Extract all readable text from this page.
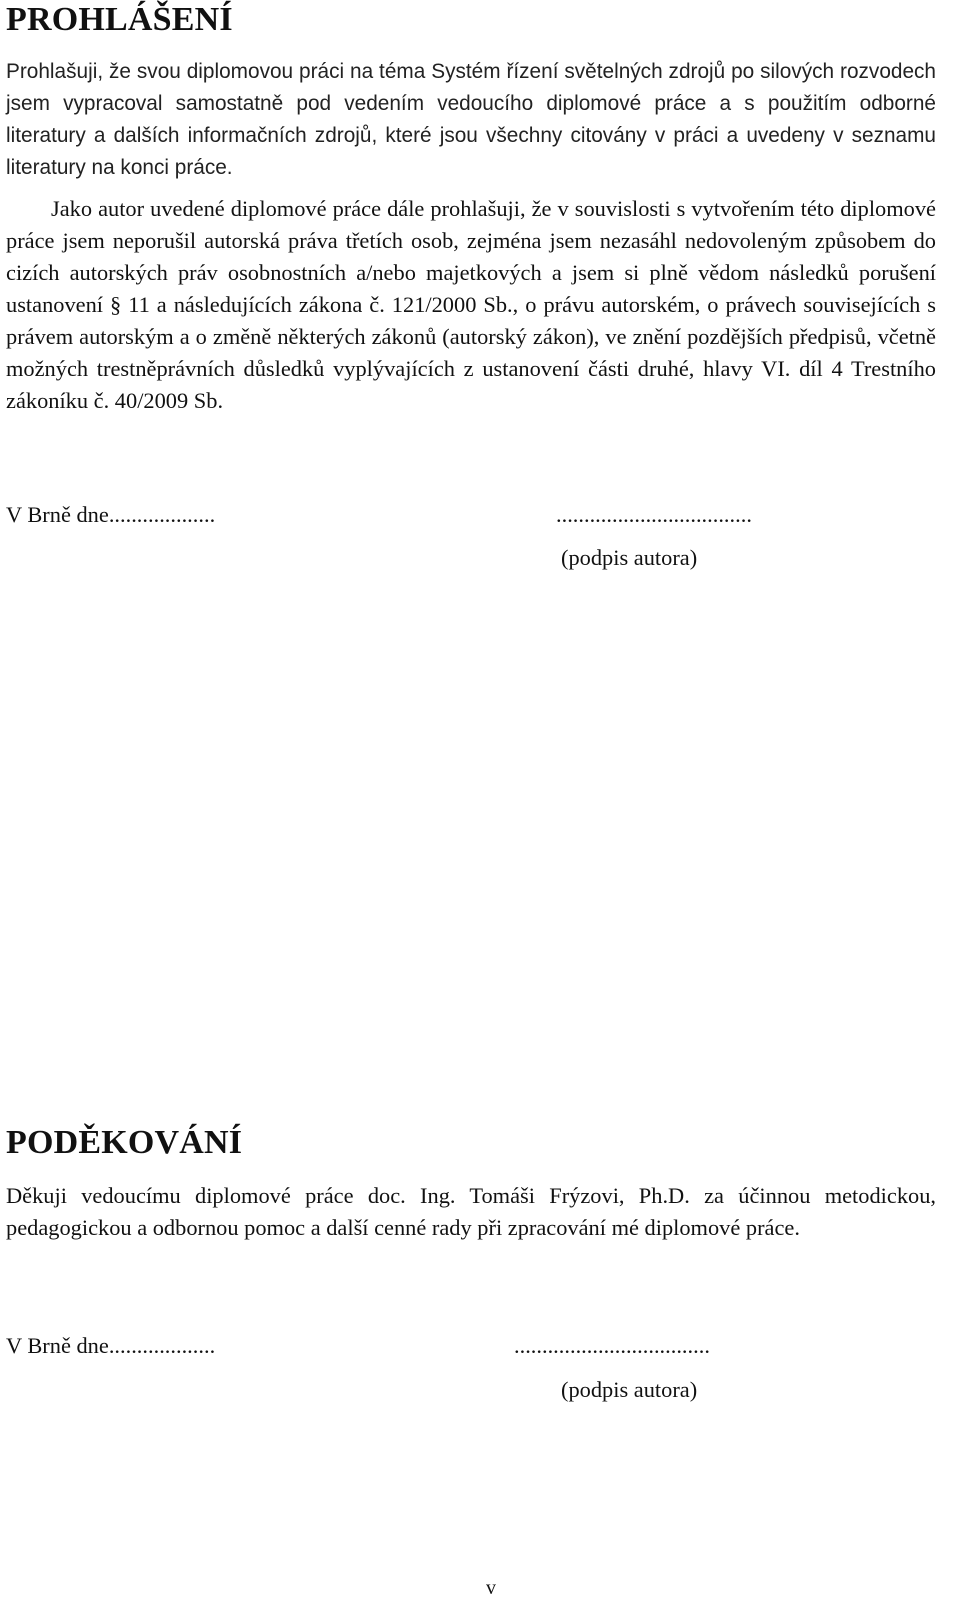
PROHLÁŠENÍ

Prohlašuji, že svou diplomovou práci na téma Systém řízení světelných zdrojů po silových rozvodech jsem vypracoval samostatně pod vedením vedoucího diplomové práce a s použitím odborné literatury a dalších informačních zdrojů, které jsou všechny citovány v práci a uvedeny v seznamu literatury na konci práce.

Jako autor uvedené diplomové práce dále prohlašuji, že v souvislosti s vytvořením této diplomové práce jsem neporušil autorská práva třetích osob, zejména jsem nezasáhl nedovoleným způsobem do cizích autorských práv osobnostních a/nebo majetkových a jsem si plně vědom následků porušení ustanovení § 11 a následujících zákona č. 121/2000 Sb., o právu autorském, o právech souvisejících s právem autorským a o změně některých zákonů (autorský zákon), ve znění pozdějších předpisů, včetně možných trestněprávních důsledků vyplývajících z ustanovení části druhé, hlavy VI. díl 4 Trestního zákoníku č. 40/2009 Sb.

V Brně dne...................	...................................
(podpis autora)
PODĚKOVÁNÍ

Děkuji vedoucímu diplomové práce doc. Ing. Tomáši Frýzovi, Ph.D. za účinnou metodickou, pedagogickou a odbornou pomoc a další cenné rady při zpracování mé diplomové práce.

V Brně dne...................	...................................
(podpis autora)
v
